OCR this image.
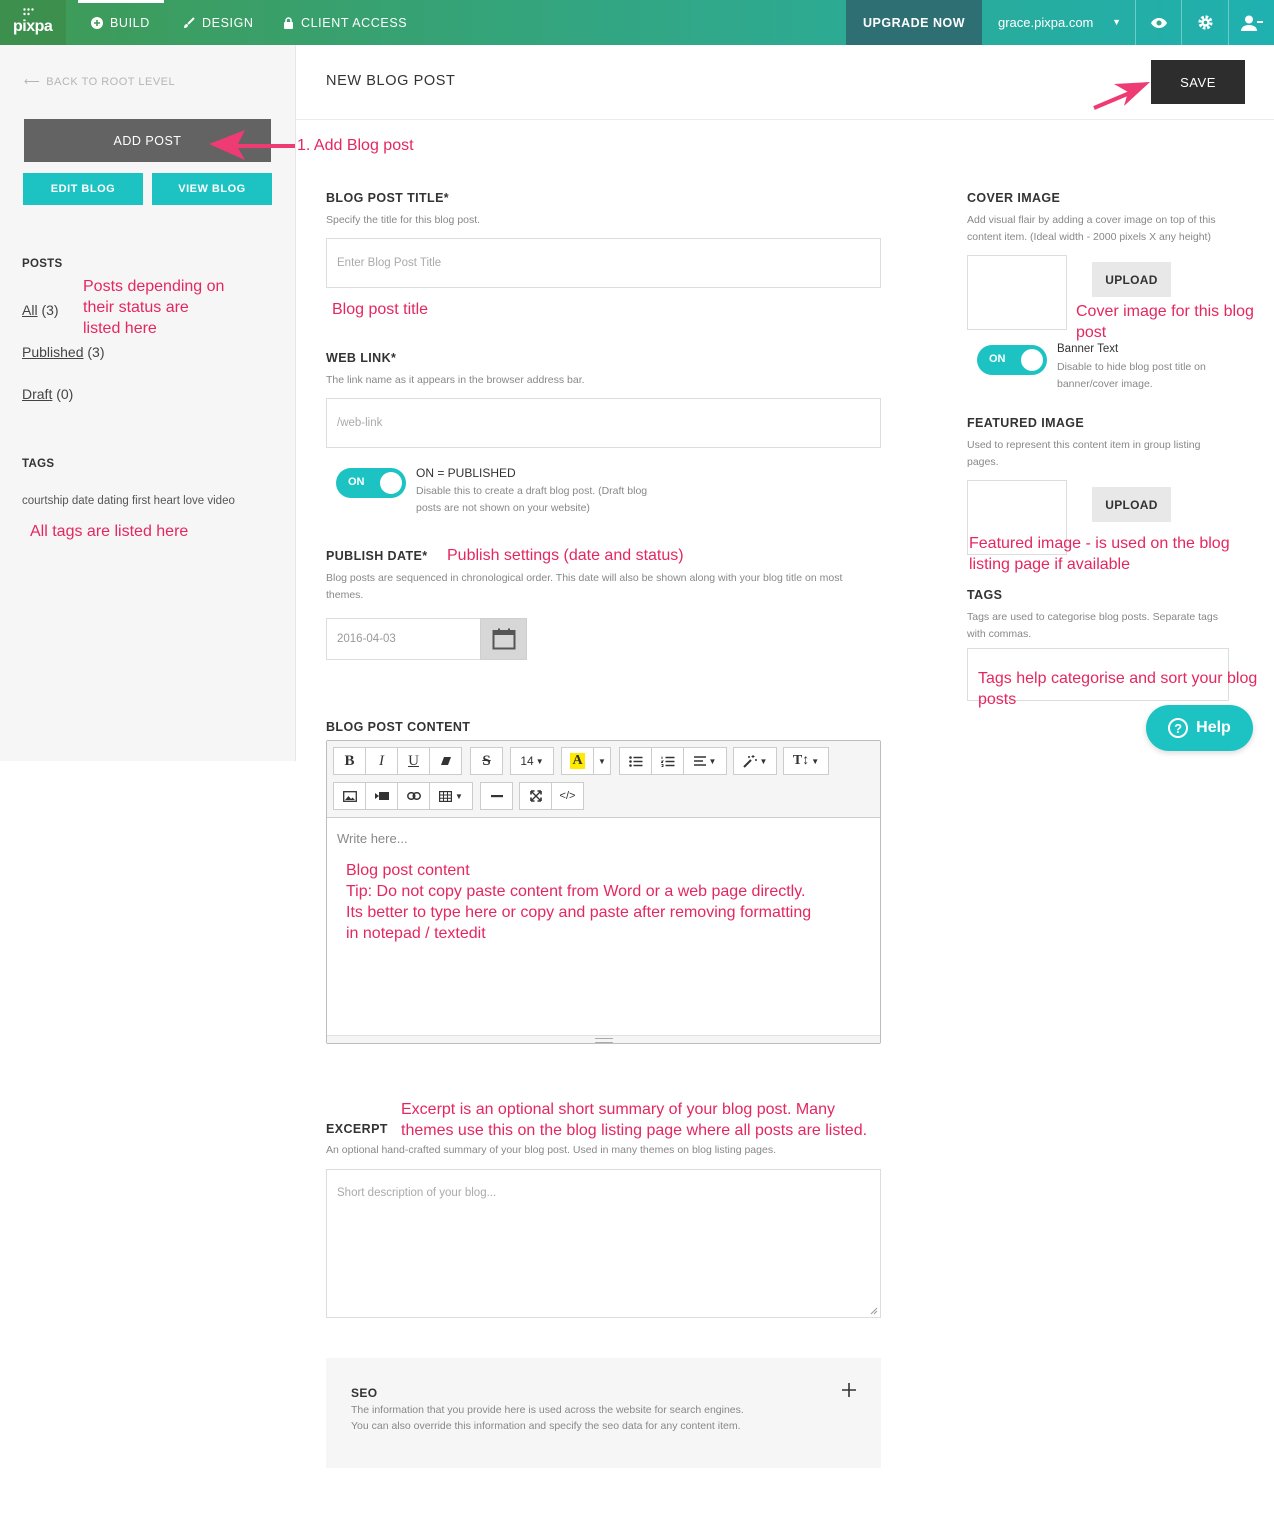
pixpa	BUILD	DESIGN	CLIENT ACCESS	UPGRADE NOW	grace.pixpa.com ▼
⟵ BACK TO ROOT LEVEL
ADD POST
EDIT BLOG	VIEW BLOG
POSTS
All (3)
Published (3)
Draft (0)
TAGS
courtship date dating first heart love video
1. Add Blog post
Posts depending on
their status are
listed here
All tags are listed here
NEW BLOG POST	SAVE
BLOG POST TITLE*
Specify the title for this blog post.
Enter Blog Post Title
Blog post title
WEB LINK*
The link name as it appears in the browser address bar.
/web-link
ON
ON = PUBLISHED
Disable this to create a draft blog post. (Draft blog
posts are not shown on your website)
PUBLISH DATE* Publish settings (date and status)
Blog posts are sequenced in chronological order. This date will also be shown along with your blog title on most
themes.
2016-04-03
BLOG POST CONTENT
B	I	U	S	14 ▼ A	▼	▼	▼	T↕ ▼
▼	</>
Write here...
Blog post content
Tip: Do not copy paste content from Word or a web page directly.
Its better to type here or copy and paste after removing formatting
in notepad / textedit
Excerpt is an optional short summary of your blog post. Many
themes use this on the blog listing page where all posts are listed.
EXCERPT
An optional hand-crafted summary of your blog post. Used in many themes on blog listing pages.
Short description of your blog...
SEO
The information that you provide here is used across the website for search engines.
You can also override this information and specify the seo data for any content item.
COVER IMAGE
Add visual flair by adding a cover image on top of this
content item. (Ideal width - 2000 pixels X any height)
UPLOAD
Cover image for this blog
post
ON
Banner Text
Disable to hide blog post title on
banner/cover image.
FEATURED IMAGE
Used to represent this content item in group listing
pages.
UPLOAD
Featured image - is used on the blog
listing page if available
TAGS
Tags are used to categorise blog posts. Separate tags
with commas.
Tags help categorise and sort your blog
posts
? Help
